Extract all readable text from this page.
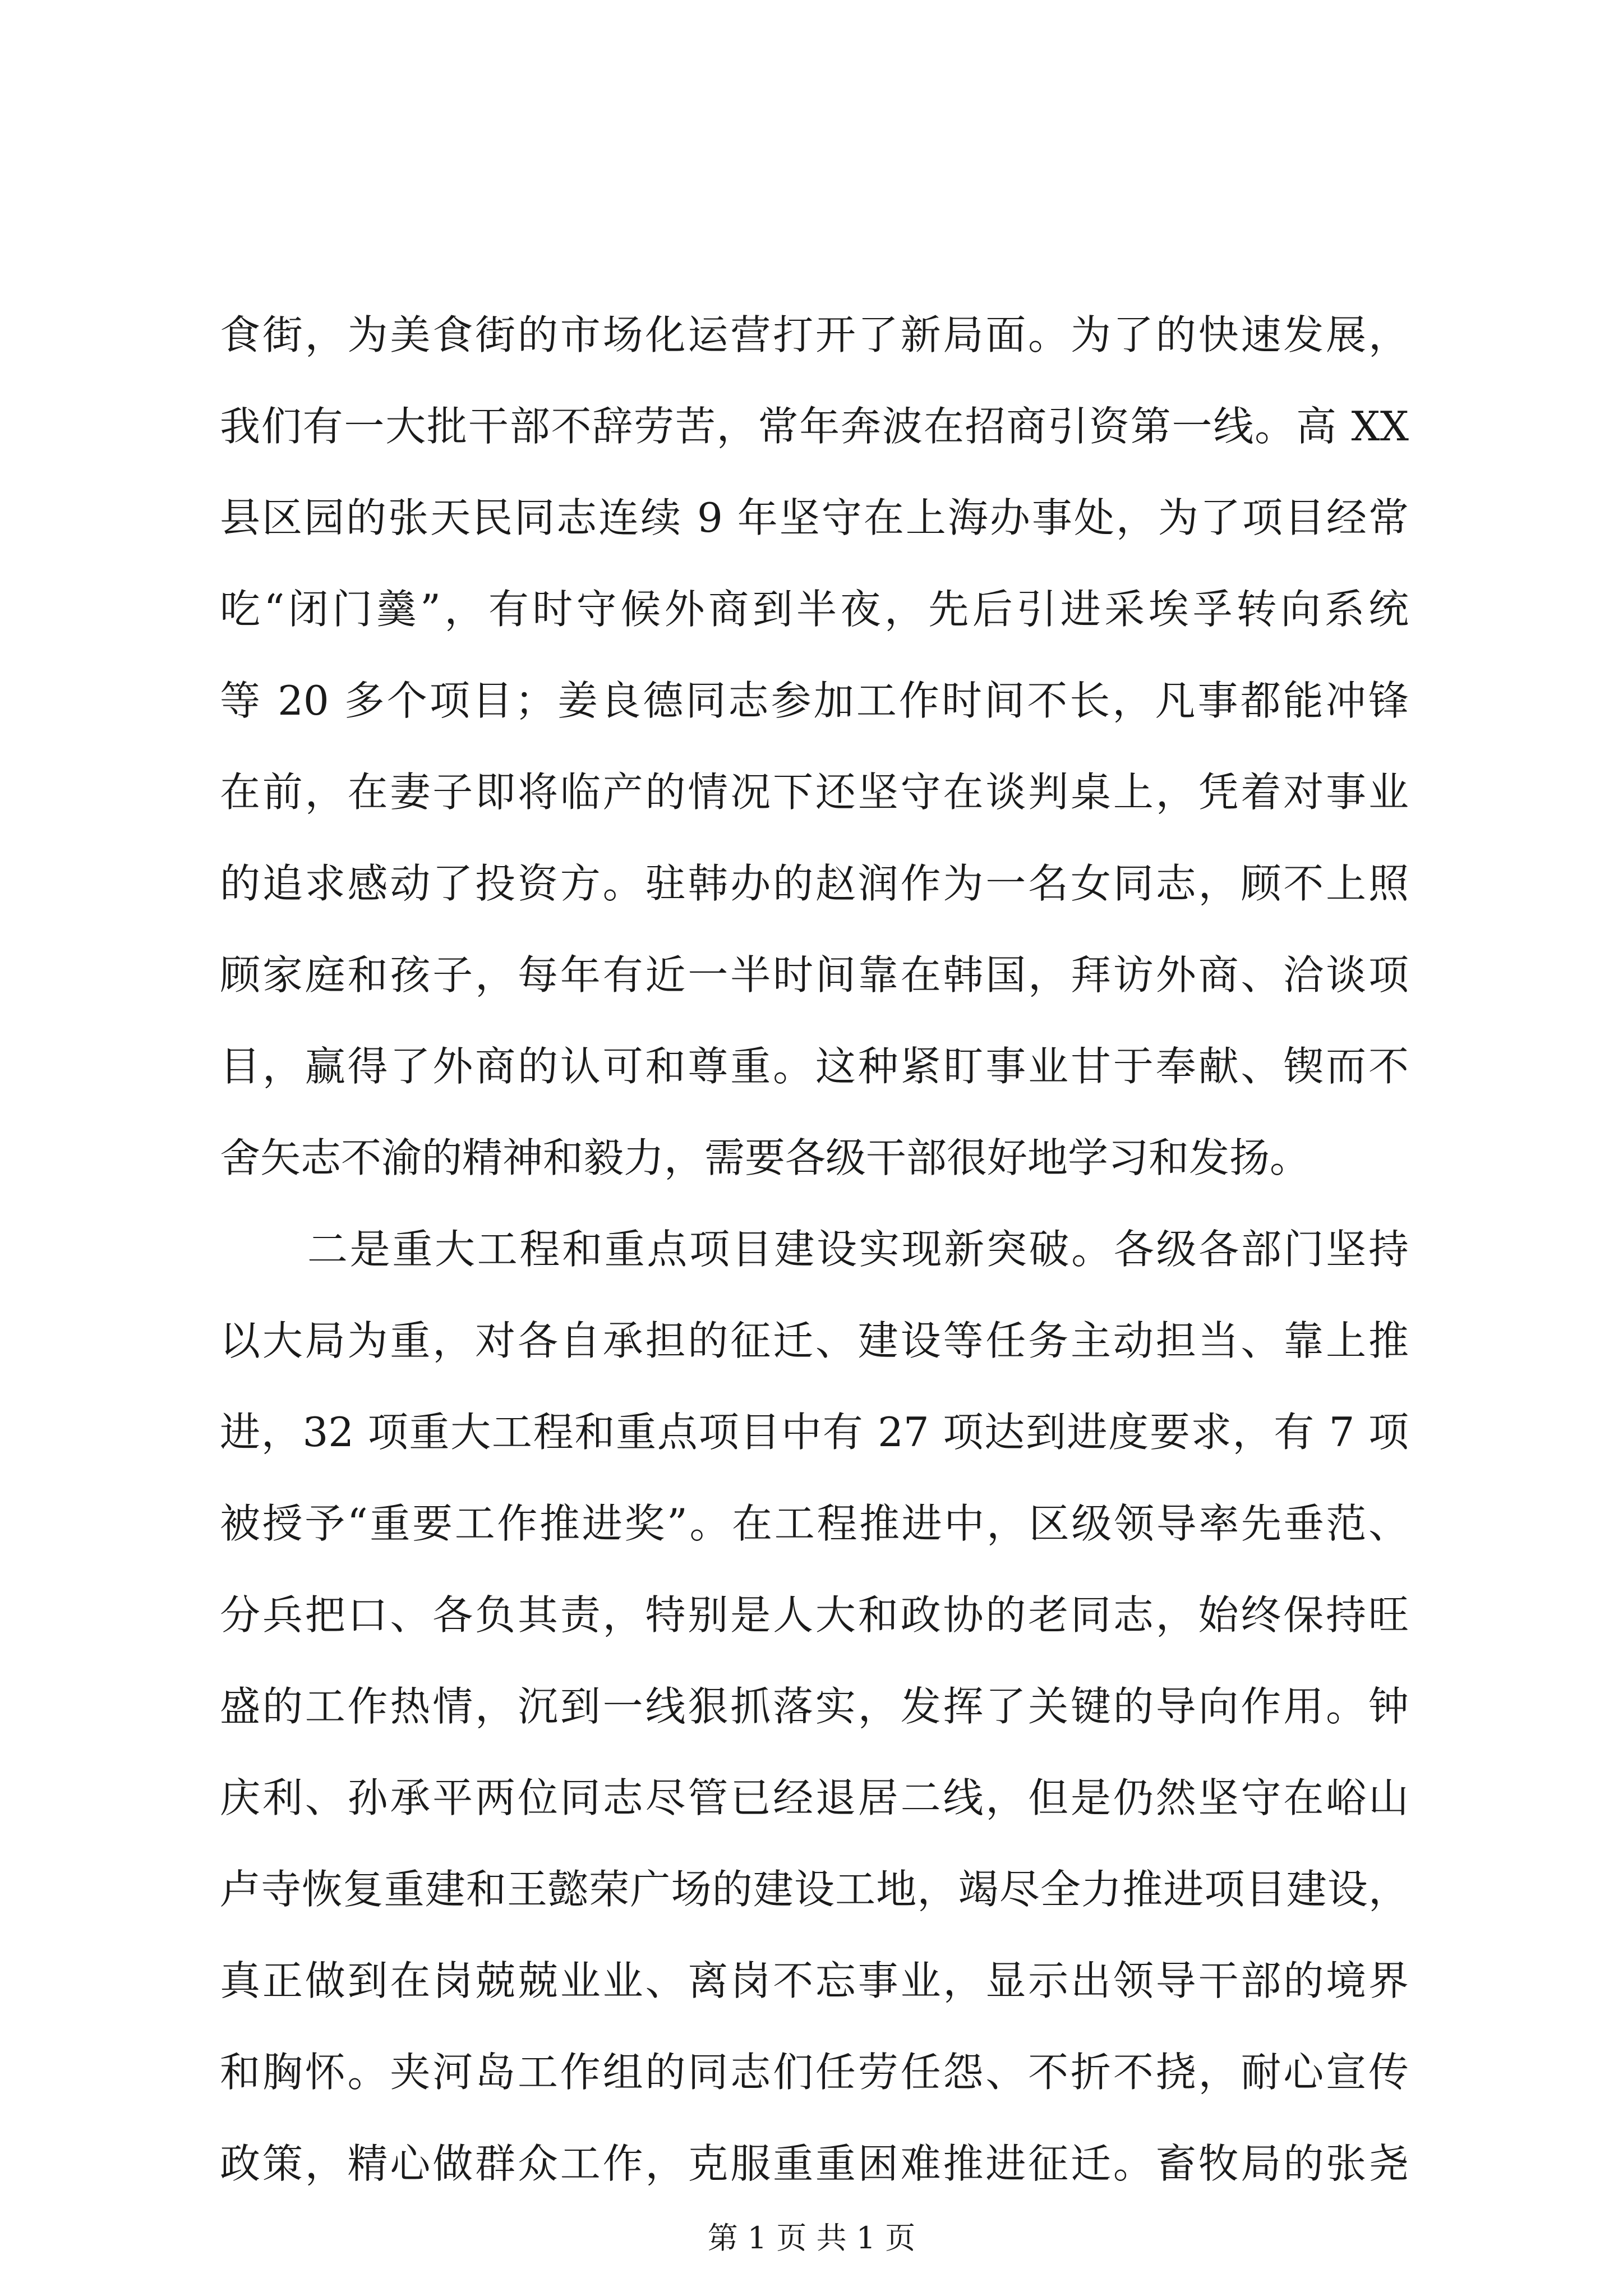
食街，为美食街的市场化运营打开了新局面。为了的快速发展，
我们有一大批干部不辞劳苦，常年奔波在招商引资第一线。高 XX
县区园的张天民同志连续 9 年坚守在上海办事处，为了项目经常
吃“闭门羹”，有时守候外商到半夜，先后引进采埃孚转向系统
等 20 多个项目；姜良德同志参加工作时间不长，凡事都能冲锋
在前，在妻子即将临产的情况下还坚守在谈判桌上，凭着对事业
的追求感动了投资方。驻韩办的赵润作为一名女同志，顾不上照
顾家庭和孩子，每年有近一半时间靠在韩国，拜访外商、洽谈项
目，赢得了外商的认可和尊重。这种紧盯事业甘于奉献、锲而不
舍矢志不渝的精神和毅力，需要各级干部很好地学习和发扬。
二是重大工程和重点项目建设实现新突破。各级各部门坚持
以大局为重，对各自承担的征迁、建设等任务主动担当、靠上推
进，32 项重大工程和重点项目中有 27 项达到进度要求，有 7 项
被授予“重要工作推进奖”。在工程推进中，区级领导率先垂范、
分兵把口、各负其责，特别是人大和政协的老同志，始终保持旺
盛的工作热情，沉到一线狠抓落实，发挥了关键的导向作用。钟
庆利、孙承平两位同志尽管已经退居二线，但是仍然坚守在峪山
卢寺恢复重建和王懿荣广场的建设工地，竭尽全力推进项目建设，
真正做到在岗兢兢业业、离岗不忘事业，显示出领导干部的境界
和胸怀。夹河岛工作组的同志们任劳任怨、不折不挠，耐心宣传
政策，精心做群众工作，克服重重困难推进征迁。畜牧局的张尧
第 1 页 共 1 页
